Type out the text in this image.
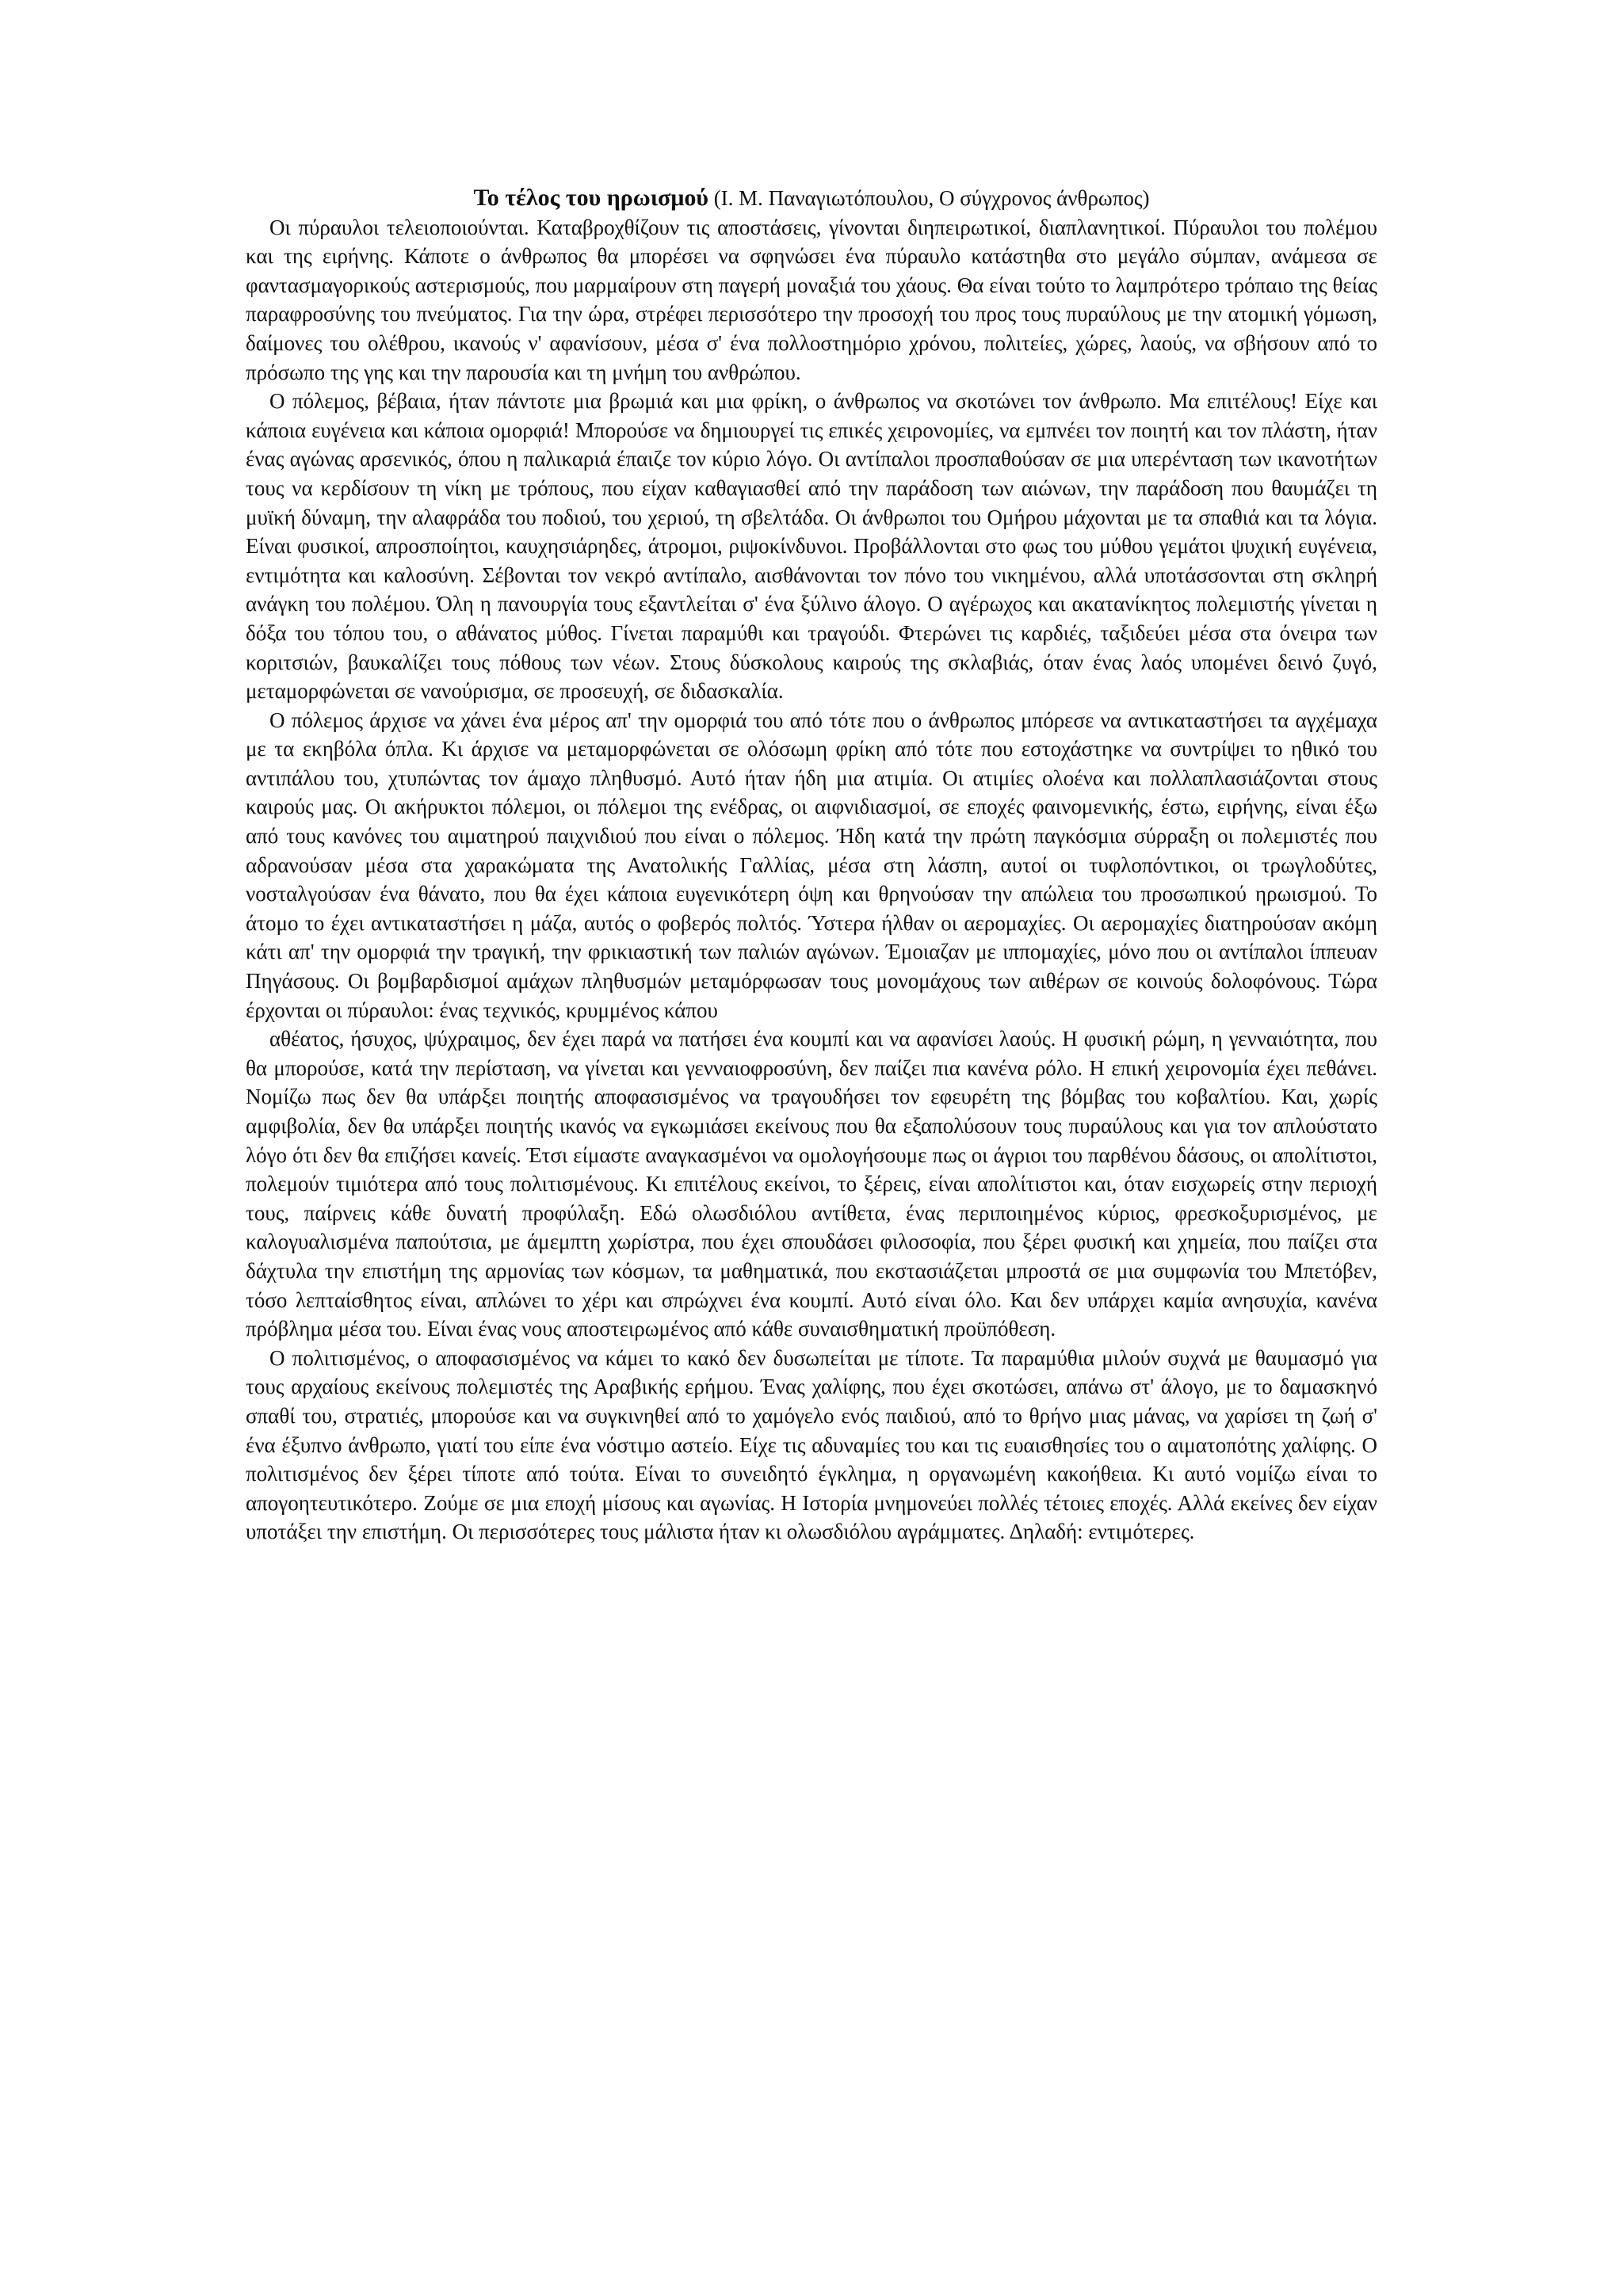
Το τέλος του ηρωισμού (Ι. Μ. Παναγιωτόπουλου, Ο σύγχρονος άνθρωπος)

Οι πύραυλοι τελειοποιούνται. Καταβροχθίζουν τις αποστάσεις, γίνονται διηπειρωτικοί, διαπλανητικοί. Πύραυλοι του πολέμου και της ειρήνης. Κάποτε ο άνθρωπος θα μπορέσει να σφηνώσει ένα πύραυλο κατάστηθα στο μεγάλο σύμπαν, ανάμεσα σε φαντασμαγορικούς αστερισμούς, που μαρμαίρουν στη παγερή μοναξιά του χάους. Θα είναι τούτο το λαμπρότερο τρόπαιο της θείας παραφροσύνης του πνεύματος. Για την ώρα, στρέφει περισσότερο την προσοχή του προς τους πυραύλους με την ατομική γόμωση, δαίμονες του ολέθρου, ικανούς ν' αφανίσουν, μέσα σ' ένα πολλοστημόριο χρόνου, πολιτείες, χώρες, λαούς, να σβήσουν από το πρόσωπο της γης και την παρουσία και τη μνήμη του ανθρώπου.

Ο πόλεμος, βέβαια, ήταν πάντοτε μια βρωμιά και μια φρίκη, ο άνθρωπος να σκοτώνει τον άνθρωπο. Μα επιτέλους! Είχε και κάποια ευγένεια και κάποια ομορφιά! Μπορούσε να δημιουργεί τις επικές χειρονομίες, να εμπνέει τον ποιητή και τον πλάστη, ήταν ένας αγώνας αρσενικός, όπου η παλικαριά έπαιζε τον κύριο λόγο. Οι αντίπαλοι προσπαθούσαν σε μια υπερένταση των ικανοτήτων τους να κερδίσουν τη νίκη με τρόπους, που είχαν καθαγιασθεί από την παράδοση των αιώνων, την παράδοση που θαυμάζει τη μυϊκή δύναμη, την αλαφράδα του ποδιού, του χεριού, τη σβελτάδα. Οι άνθρωποι του Ομήρου μάχονται με τα σπαθιά και τα λόγια. Είναι φυσικοί, απροσποίητοι, καυχησιάρηδες, άτρομοι, ριψοκίνδυνοι. Προβάλλονται στο φως του μύθου γεμάτοι ψυχική ευγένεια, εντιμότητα και καλοσύνη. Σέβονται τον νεκρό αντίπαλο, αισθάνονται τον πόνο του νικημένου, αλλά υποτάσσονται στη σκληρή ανάγκη του πολέμου. Όλη η πανουργία τους εξαντλείται σ' ένα ξύλινο άλογο. Ο αγέρωχος και ακατανίκητος πολεμιστής γίνεται η δόξα του τόπου του, ο αθάνατος μύθος. Γίνεται παραμύθι και τραγούδι. Φτερώνει τις καρδιές, ταξιδεύει μέσα στα όνειρα των κοριτσιών, βαυκαλίζει τους πόθους των νέων. Στους δύσκολους καιρούς της σκλαβιάς, όταν ένας λαός υπομένει δεινό ζυγό, μεταμορφώνεται σε νανούρισμα, σε προσευχή, σε διδασκαλία.

Ο πόλεμος άρχισε να χάνει ένα μέρος απ' την ομορφιά του από τότε που ο άνθρωπος μπόρεσε να αντικαταστήσει τα αγχέμαχα με τα εκηβόλα όπλα. Κι άρχισε να μεταμορφώνεται σε ολόσωμη φρίκη από τότε που εστοχάστηκε να συντρίψει το ηθικό του αντιπάλου του, χτυπώντας τον άμαχο πληθυσμό. Αυτό ήταν ήδη μια ατιμία. Οι ατιμίες ολοένα και πολλαπλασιάζονται στους καιρούς μας. Οι ακήρυκτοι πόλεμοι, οι πόλεμοι της ενέδρας, οι αιφνιδιασμοί, σε εποχές φαινομενικής, έστω, ειρήνης, είναι έξω από τους κανόνες του αιματηρού παιχνιδιού που είναι ο πόλεμος. Ήδη κατά την πρώτη παγκόσμια σύρραξη οι πολεμιστές που αδρανούσαν μέσα στα χαρακώματα της Ανατολικής Γαλλίας, μέσα στη λάσπη, αυτοί οι τυφλοπόντικοι, οι τρωγλοδύτες, νοσταλγούσαν ένα θάνατο, που θα έχει κάποια ευγενικότερη όψη και θρηνούσαν την απώλεια του προσωπικού ηρωισμού. Το άτομο το έχει αντικαταστήσει η μάζα, αυτός ο φοβερός πολτός. Ύστερα ήλθαν οι αερομαχίες. Οι αερομαχίες διατηρούσαν ακόμη κάτι απ' την ομορφιά την τραγική, την φρικιαστική των παλιών αγώνων. Έμοιαζαν με ιππομαχίες, μόνο που οι αντίπαλοι ίππευαν Πηγάσους. Οι βομβαρδισμοί αμάχων πληθυσμών μεταμόρφωσαν τους μονομάχους των αιθέρων σε κοινούς δολοφόνους. Τώρα έρχονται οι πύραυλοι: ένας τεχνικός, κρυμμένος κάπου

αθέατος, ήσυχος, ψύχραιμος, δεν έχει παρά να πατήσει ένα κουμπί και να αφανίσει λαούς. Η φυσική ρώμη, η γενναιότητα, που θα μπορούσε, κατά την περίσταση, να γίνεται και γενναιοφροσύνη, δεν παίζει πια κανένα ρόλο. Η επική χειρονομία έχει πεθάνει. Νομίζω πως δεν θα υπάρξει ποιητής αποφασισμένος να τραγουδήσει τον εφευρέτη της βόμβας του κοβαλτίου. Και, χωρίς αμφιβολία, δεν θα υπάρξει ποιητής ικανός να εγκωμιάσει εκείνους που θα εξαπολύσουν τους πυραύλους και για τον απλούστατο λόγο ότι δεν θα επιζήσει κανείς. Έτσι είμαστε αναγκασμένοι να ομολογήσουμε πως οι άγριοι του παρθένου δάσους, οι απολίτιστοι, πολεμούν τιμιότερα από τους πολιτισμένους. Κι επιτέλους εκείνοι, το ξέρεις, είναι απολίτιστοι και, όταν εισχωρείς στην περιοχή τους, παίρνεις κάθε δυνατή προφύλαξη. Εδώ ολωσδιόλου αντίθετα, ένας περιποιημένος κύριος, φρεσκοξυρισμένος, με καλογυαλισμένα παπούτσια, με άμεμπτη χωρίστρα, που έχει σπουδάσει φιλοσοφία, που ξέρει φυσική και χημεία, που παίζει στα δάχτυλα την επιστήμη της αρμονίας των κόσμων, τα μαθηματικά, που εκστασιάζεται μπροστά σε μια συμφωνία του Μπετόβεν, τόσο λεπταίσθητος είναι, απλώνει το χέρι και σπρώχνει ένα κουμπί. Αυτό είναι όλο. Και δεν υπάρχει καμία ανησυχία, κανένα πρόβλημα μέσα του. Είναι ένας νους αποστειρωμένος από κάθε συναισθηματική προϋπόθεση.

Ο πολιτισμένος, ο αποφασισμένος να κάμει το κακό δεν δυσωπείται με τίποτε. Τα παραμύθια μιλούν συχνά με θαυμασμό για τους αρχαίους εκείνους πολεμιστές της Αραβικής ερήμου. Ένας χαλίφης, που έχει σκοτώσει, απάνω στ' άλογο, με το δαμασκηνό σπαθί του, στρατιές, μπορούσε και να συγκινηθεί από το χαμόγελο ενός παιδιού, από το θρήνο μιας μάνας, να χαρίσει τη ζωή σ' ένα έξυπνο άνθρωπο, γιατί του είπε ένα νόστιμο αστείο. Είχε τις αδυναμίες του και τις ευαισθησίες του ο αιματοπότης χαλίφης. Ο πολιτισμένος δεν ξέρει τίποτε από τούτα. Είναι το συνειδητό έγκλημα, η οργανωμένη κακοήθεια. Κι αυτό νομίζω είναι το απογοητευτικότερο. Ζούμε σε μια εποχή μίσους και αγωνίας. Η Ιστορία μνημονεύει πολλές τέτοιες εποχές. Αλλά εκείνες δεν είχαν υποτάξει την επιστήμη. Οι περισσότερες τους μάλιστα ήταν κι ολωσδιόλου αγράμματες. Δηλαδή: εντιμότερες.
